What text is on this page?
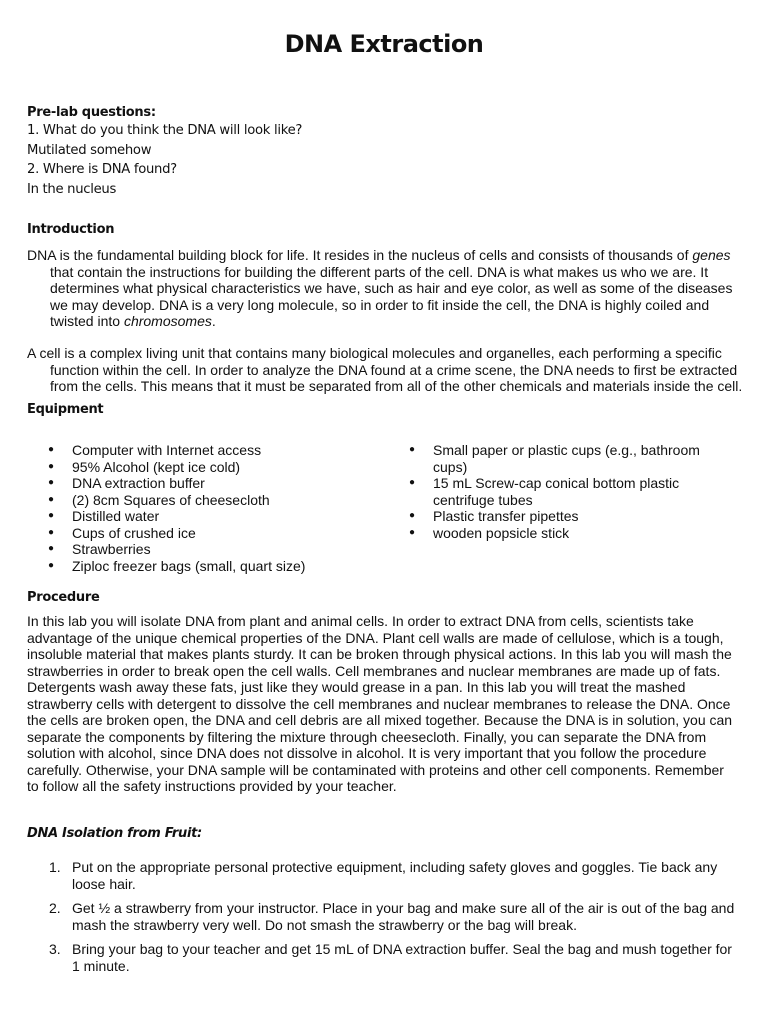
DNA Extraction
Pre-lab questions:
1. What do you think the DNA will look like?
Mutilated somehow
2. Where is DNA found?
In the nucleus
Introduction

DNA is the fundamental building block for life. It resides in the nucleus of cells and consists of thousands of genes that contain the instructions for building the different parts of the cell. DNA is what makes us who we are. It determines what physical characteristics we have, such as hair and eye color, as well as some of the diseases we may develop. DNA is a very long molecule, so in order to fit inside the cell, the DNA is highly coiled and twisted into chromosomes.

A cell is a complex living unit that contains many biological molecules and organelles, each performing a specific function within the cell. In order to analyze the DNA found at a crime scene, the DNA needs to first be extracted from the cells. This means that it must be separated from all of the other chemicals and materials inside the cell.

Equipment
● Computer with Internet access
● 95% Alcohol (kept ice cold)
● DNA extraction buffer
● (2) 8cm Squares of cheesecloth
● Distilled water
● Cups of crushed ice
● Strawberries
● Ziploc freezer bags (small, quart size)
● Small paper or plastic cups (e.g., bathroom cups)
● 15 mL Screw-cap conical bottom plastic centrifuge tubes
● Plastic transfer pipettes
● wooden popsicle stick
Procedure

In this lab you will isolate DNA from plant and animal cells. In order to extract DNA from cells, scientists take advantage of the unique chemical properties of the DNA. Plant cell walls are made of cellulose, which is a tough, insoluble material that makes plants sturdy. It can be broken through physical actions. In this lab you will mash the strawberries in order to break open the cell walls. Cell membranes and nuclear membranes are made up of fats. Detergents wash away these fats, just like they would grease in a pan. In this lab you will treat the mashed strawberry cells with detergent to dissolve the cell membranes and nuclear membranes to release the DNA. Once the cells are broken open, the DNA and cell debris are all mixed together. Because the DNA is in solution, you can separate the components by filtering the mixture through cheesecloth. Finally, you can separate the DNA from solution with alcohol, since DNA does not dissolve in alcohol. It is very important that you follow the procedure carefully. Otherwise, your DNA sample will be contaminated with proteins and other cell components. Remember to follow all the safety instructions provided by your teacher.

DNA Isolation from Fruit:
1. Put on the appropriate personal protective equipment, including safety gloves and goggles. Tie back any loose hair.
2. Get ½ a strawberry from your instructor. Place in your bag and make sure all of the air is out of the bag and mash the strawberry very well. Do not smash the strawberry or the bag will break.
3. Bring your bag to your teacher and get 15 mL of DNA extraction buffer. Seal the bag and mush together for 1 minute.
